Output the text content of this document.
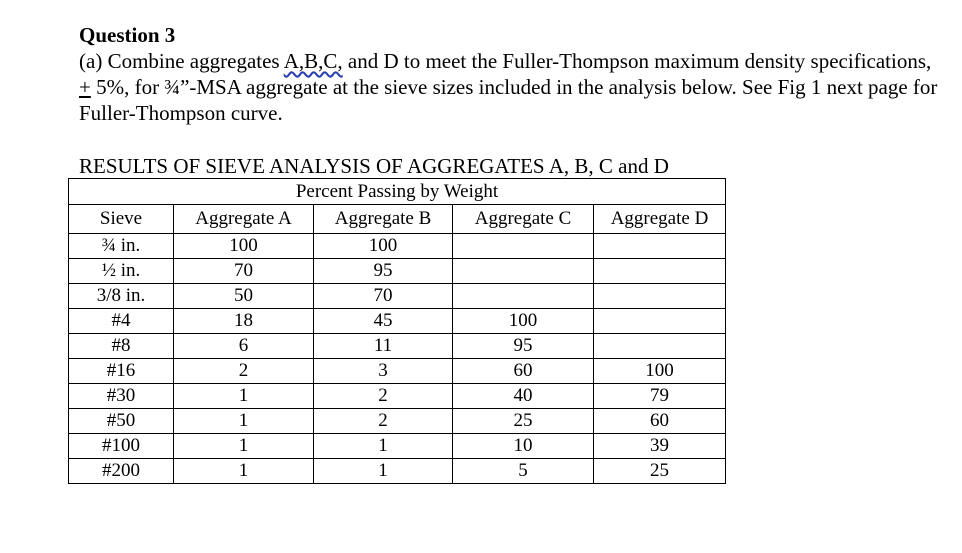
Question 3

(a) Combine aggregates A,B,C, and D to meet the Fuller-Thompson maximum density specifications, + 5%, for ¾”-MSA aggregate at the sieve sizes included in the analysis below. See Fig 1 next page for Fuller-Thompson curve.

RESULTS OF SIEVE ANALYSIS OF AGGREGATES A, B, C and D

Percent Passing by Weight				
Sieve	Aggregate A	Aggregate B	Aggregate C	Aggregate D
¾ in.	100	100		
½ in.	70	95		
3/8 in.	50	70		
#4	18	45	100	
#8	6	11	95	
#16	2	3	60	100
#30	1	2	40	79
#50	1	2	25	60
#100	1	1	10	39
#200	1	1	5	25
